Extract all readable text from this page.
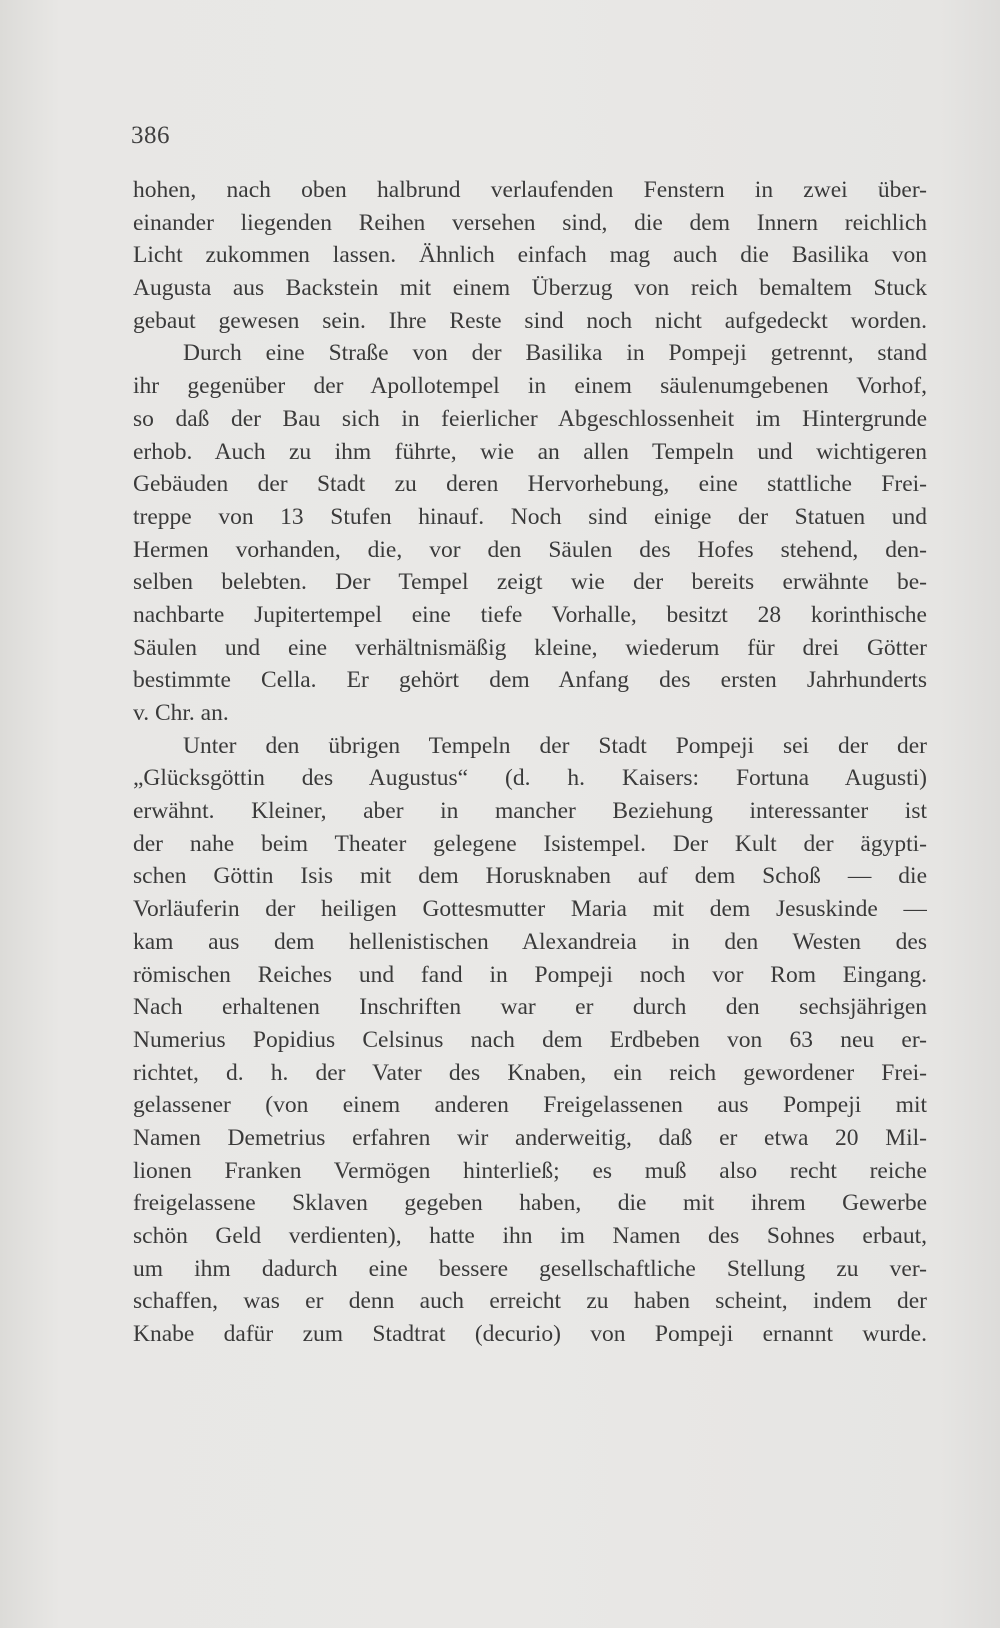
386
hohen, nach oben halbrund verlaufenden Fenstern in zwei über-
einander liegenden Reihen versehen sind, die dem Innern reichlich
Licht zukommen lassen. Ähnlich einfach mag auch die Basilika von
Augusta aus Backstein mit einem Überzug von reich bemaltem Stuck
gebaut gewesen sein. Ihre Reste sind noch nicht aufgedeckt worden.
Durch eine Straße von der Basilika in Pompeji getrennt, stand
ihr gegenüber der Apollotempel in einem säulenumgebenen Vorhof,
so daß der Bau sich in feierlicher Abgeschlossenheit im Hintergrunde
erhob. Auch zu ihm führte, wie an allen Tempeln und wichtigeren
Gebäuden der Stadt zu deren Hervorhebung, eine stattliche Frei-
treppe von 13 Stufen hinauf. Noch sind einige der Statuen und
Hermen vorhanden, die, vor den Säulen des Hofes stehend, den-
selben belebten. Der Tempel zeigt wie der bereits erwähnte be-
nachbarte Jupitertempel eine tiefe Vorhalle, besitzt 28 korinthische
Säulen und eine verhältnismäßig kleine, wiederum für drei Götter
bestimmte Cella. Er gehört dem Anfang des ersten Jahrhunderts
v. Chr. an.
Unter den übrigen Tempeln der Stadt Pompeji sei der der
„Glücksgöttin des Augustus“ (d. h. Kaisers: Fortuna Augusti)
erwähnt. Kleiner, aber in mancher Beziehung interessanter ist
der nahe beim Theater gelegene Isistempel. Der Kult der ägypti-
schen Göttin Isis mit dem Horusknaben auf dem Schoß — die
Vorläuferin der heiligen Gottesmutter Maria mit dem Jesuskinde —
kam aus dem hellenistischen Alexandreia in den Westen des
römischen Reiches und fand in Pompeji noch vor Rom Eingang.
Nach erhaltenen Inschriften war er durch den sechsjährigen
Numerius Popidius Celsinus nach dem Erdbeben von 63 neu er-
richtet, d. h. der Vater des Knaben, ein reich gewordener Frei-
gelassener (von einem anderen Freigelassenen aus Pompeji mit
Namen Demetrius erfahren wir anderweitig, daß er etwa 20 Mil-
lionen Franken Vermögen hinterließ; es muß also recht reiche
freigelassene Sklaven gegeben haben, die mit ihrem Gewerbe
schön Geld verdienten), hatte ihn im Namen des Sohnes erbaut,
um ihm dadurch eine bessere gesellschaftliche Stellung zu ver-
schaffen, was er denn auch erreicht zu haben scheint, indem der
Knabe dafür zum Stadtrat (decurio) von Pompeji ernannt wurde.
